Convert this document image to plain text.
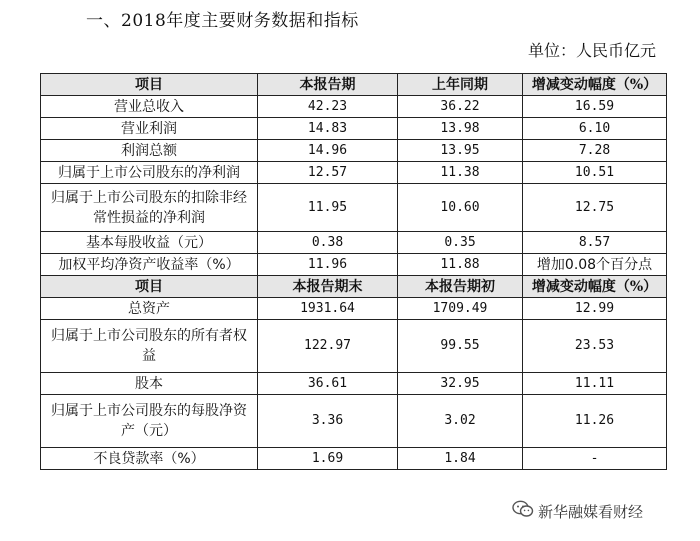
一、2018年度主要财务数据和指标
单位：人民币亿元
项目	本报告期	上年同期	增减变动幅度（%）
营业总收入	42.23	36.22	16.59
营业利润	14.83	13.98	6.10
利润总额	14.96	13.95	7.28
归属于上市公司股东的净利润	12.57	11.38	10.51
归属于上市公司股东的扣除非经常性损益的净利润	11.95	10.60	12.75
基本每股收益（元）	0.38	0.35	8.57
加权平均净资产收益率（%）	11.96	11.88	增加0.08个百分点
项目	本报告期末	本报告期初	增减变动幅度（%）
总资产	1931.64	1709.49	12.99
归属于上市公司股东的所有者权益	122.97	99.55	23.53
股本	36.61	32.95	11.11
归属于上市公司股东的每股净资产（元）	3.36	3.02	11.26
不良贷款率（%）	1.69	1.84	-
新华融媒看财经
